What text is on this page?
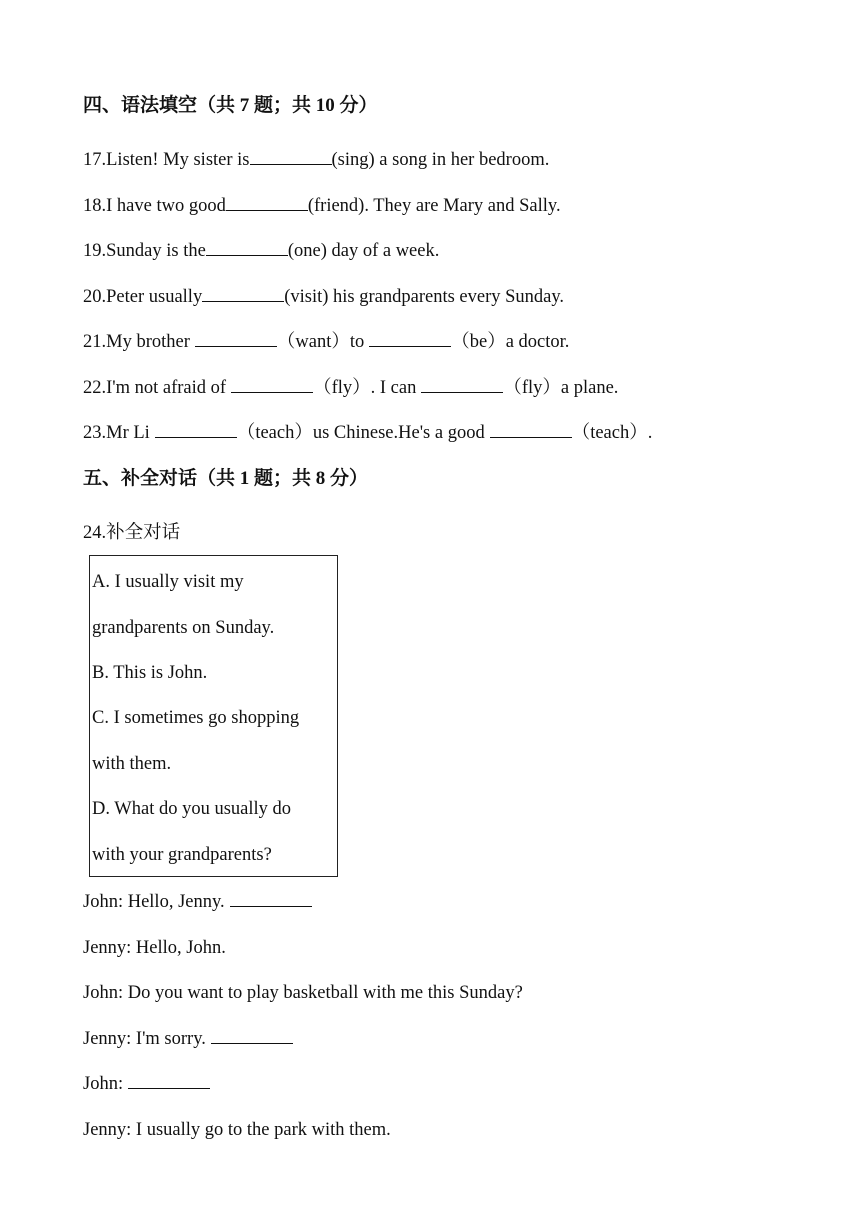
四、语法填空（共 7 题；共 10 分）
17.Listen! My sister is	(sing) a song in her bedroom.
18.I have two good	(friend). They are Mary and Sally.
19.Sunday is the	(one) day of a week.
20.Peter usually	(visit) his grandparents every Sunday.
21.My brother	（want）to	（be）a doctor.
22.I'm not afraid of	（fly）. I can	（fly）a plane.
23.Mr Li	（teach）us Chinese.He's a good	（teach）.
五、补全对话（共 1 题；共 8 分）
24.补全对话
A. I usually visit my
grandparents on Sunday.
B. This is John.
C. I sometimes go shopping
with them.
D. What do you usually do
with your grandparents?
John: Hello, Jenny.
Jenny: Hello, John.
John: Do you want to play basketball with me this Sunday?
Jenny: I'm sorry.
John:
Jenny: I usually go to the park with them.
